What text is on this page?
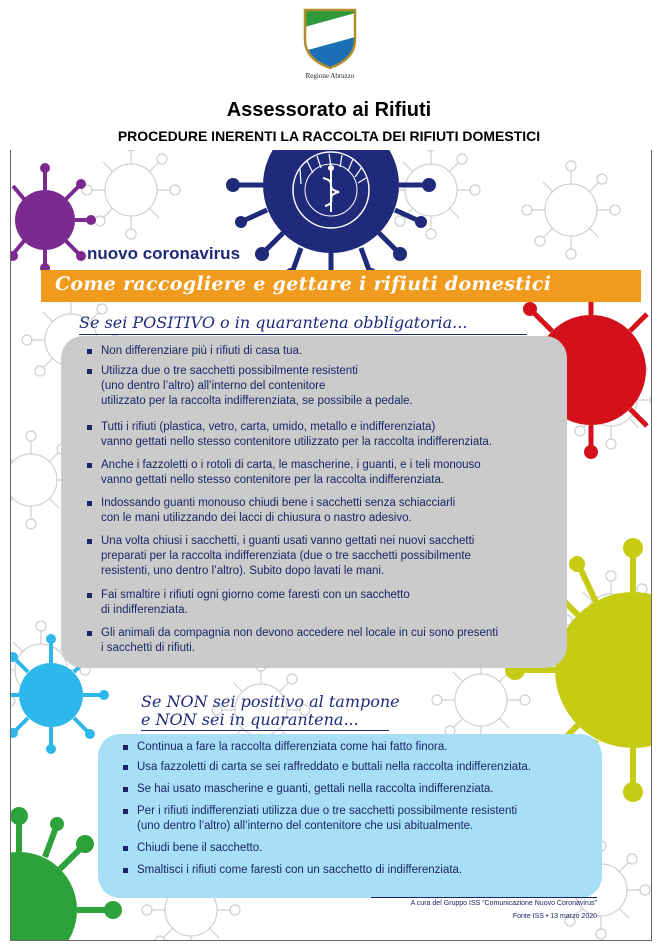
Regione Abruzzo
Assessorato ai Rifiuti
PROCEDURE INERENTI LA RACCOLTA DEI RIFIUTI DOMESTICI
nuovo coronavirus
Come raccogliere e gettare i rifiuti domestici
Se sei POSITIVO o in quarantena obbligatoria...
Non differenziare più i rifiuti di casa tua.
Utilizza due o tre sacchetti possibilmente resistenti
(uno dentro l’altro) all’interno del contenitore
utilizzato per la raccolta indifferenziata, se possibile a pedale.
Tutti i rifiuti (plastica, vetro, carta, umido, metallo e indifferenziata)
vanno gettati nello stesso contenitore utilizzato per la raccolta indifferenziata.
Anche i fazzoletti o i rotoli di carta, le mascherine, i guanti, e i teli monouso
vanno gettati nello stesso contenitore per la raccolta indifferenziata.
Indossando guanti monouso chiudi bene i sacchetti senza schiacciarli
con le mani utilizzando dei lacci di chiusura o nastro adesivo.
Una volta chiusi i sacchetti, i guanti usati vanno gettati nei nuovi sacchetti
preparati per la raccolta indifferenziata (due o tre sacchetti possibilmente
resistenti, uno dentro l’altro). Subito dopo lavati le mani.
Fai smaltire i rifiuti ogni giorno come faresti con un sacchetto
di indifferenziata.
Gli animali da compagnia non devono accedere nel locale in cui sono presenti
i sacchetti di rifiuti.
Se NON sei positivo al tampone
e NON sei in quarantena...
Continua a fare la raccolta differenziata come hai fatto finora.
Usa fazzoletti di carta se sei raffreddato e buttali nella raccolta indifferenziata.
Se hai usato mascherine e guanti, gettali nella raccolta indifferenziata.
Per i rifiuti indifferenziati utilizza due o tre sacchetti possibilmente resistenti
(uno dentro l’altro) all’interno del contenitore che usi abitualmente.
Chiudi bene il sacchetto.
Smaltisci i rifiuti come faresti con un sacchetto di indifferenziata.
A cura del Gruppo ISS “Comunicazione Nuovo Coronavirus”
Fonte ISS • 13 marzo 2020
